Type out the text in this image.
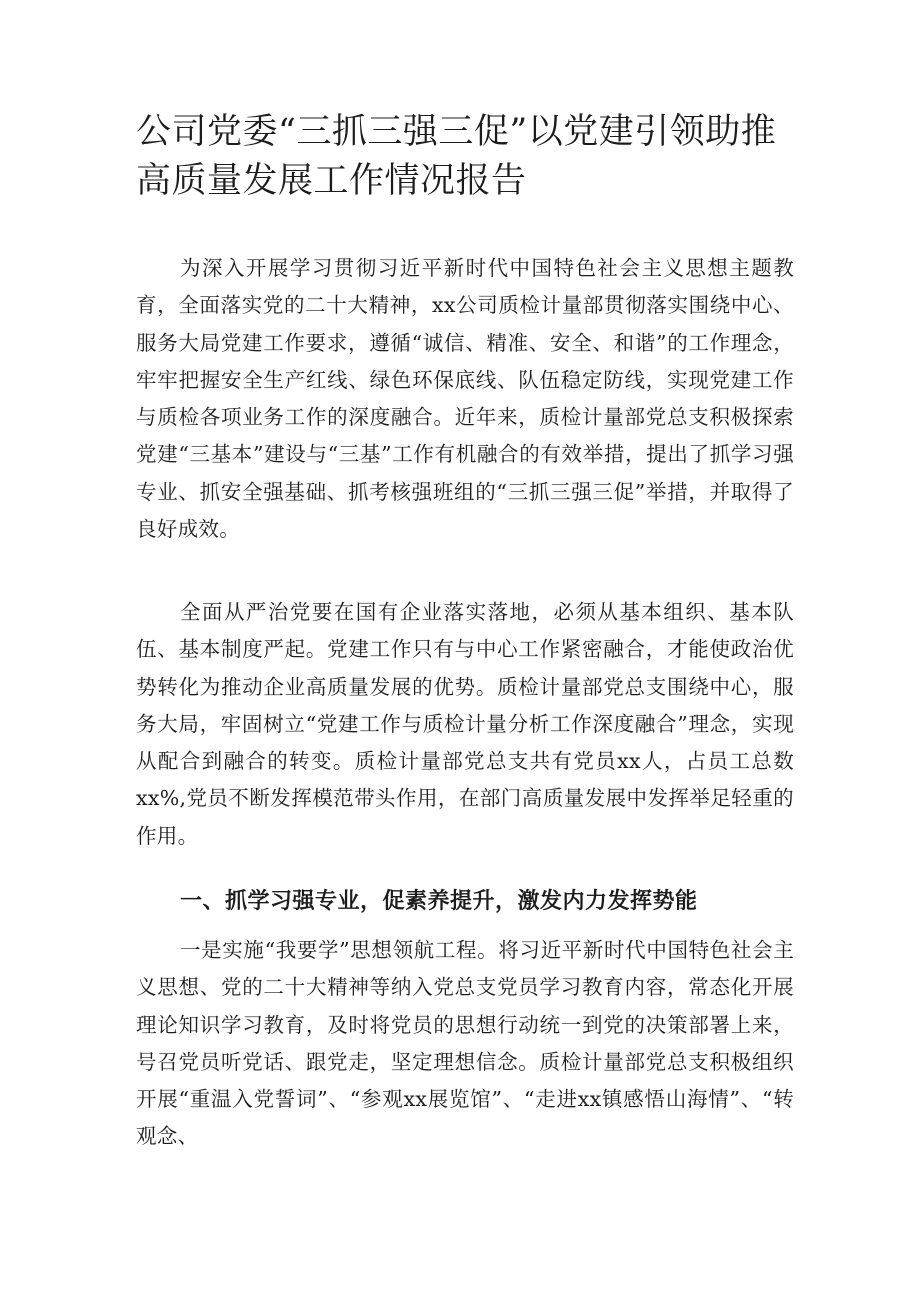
公司党委“三抓三强三促”以党建引领助推高质量发展工作情况报告

为深入开展学习贯彻习近平新时代中国特色社会主义思想主题教育，全面落实党的二十大精神，xx公司质检计量部贯彻落实围绕中心、服务大局党建工作要求，遵循“诚信、精准、安全、和谐”的工作理念，牢牢把握安全生产红线、绿色环保底线、队伍稳定防线，实现党建工作与质检各项业务工作的深度融合。近年来，质检计量部党总支积极探索党建“三基本”建设与“三基”工作有机融合的有效举措，提出了抓学习强专业、抓安全强基础、抓考核强班组的“三抓三强三促”举措，并取得了良好成效。

全面从严治党要在国有企业落实落地，必须从基本组织、基本队伍、基本制度严起。党建工作只有与中心工作紧密融合，才能使政治优势转化为推动企业高质量发展的优势。质检计量部党总支围绕中心，服务大局，牢固树立“党建工作与质检计量分析工作深度融合”理念，实现从配合到融合的转变。质检计量部党总支共有党员xx人，占员工总数xx%,党员不断发挥模范带头作用，在部门高质量发展中发挥举足轻重的作用。

一、抓学习强专业，促素养提升，激发内力发挥势能

一是实施“我要学”思想领航工程。将习近平新时代中国特色社会主义思想、党的二十大精神等纳入党总支党员学习教育内容，常态化开展理论知识学习教育，及时将党员的思想行动统一到党的决策部署上来，号召党员听党话、跟党走，坚定理想信念。质检计量部党总支积极组织开展“重温入党誓词”、“参观xx展览馆”、“走进xx镇感悟山海情”、“转观念、
